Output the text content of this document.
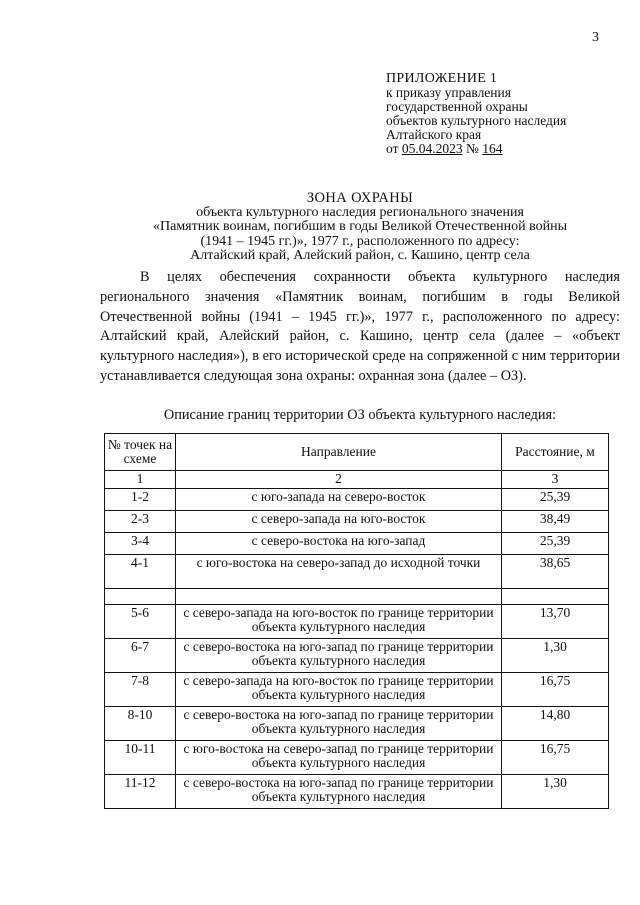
3
ПРИЛОЖЕНИЕ 1
к приказу управления
государственной охраны
объектов культурного наследия
Алтайского края
от 05.04.2023 № 164
ЗОНА ОХРАНЫ
объекта культурного наследия регионального значения
«Памятник воинам, погибшим в годы Великой Отечественной войны
(1941 – 1945 гг.)», 1977 г., расположенного по адресу:
Алтайский край, Алейский район, с. Кашино, центр села

В целях обеспечения сохранности объекта культурного наследия регионального значения «Памятник воинам, погибшим в годы Великой Отечественной войны (1941 – 1945 гг.)», 1977 г., расположенного по адресу: Алтайский край, Алейский район, с. Кашино, центр села (далее – «объект культурного наследия»), в его исторической среде на сопряженной с ним территории устанавливается следующая зона охраны: охранная зона (далее – ОЗ).

Описание границ территории ОЗ объекта культурного наследия:
№ точек на схеме	Направление	Расстояние, м
1	2	3
1-2	с юго-запада на северо-восток	25,39
2-3	с северо-запада на юго-восток	38,49
3-4	с северо-востока на юго-запад	25,39
4-1	с юго-востока на северо-запад до исходной точки	38,65

5-6	с северо-запада на юго-восток по границе территории объекта культурного наследия	13,70
6-7	с северо-востока на юго-запад по границе территории объекта культурного наследия	1,30
7-8	с северо-запада на юго-восток по границе территории объекта культурного наследия	16,75
8-10	с северо-востока на юго-запад по границе территории объекта культурного наследия	14,80
10-11	с юго-востока на северо-запад по границе территории объекта культурного наследия	16,75
11-12	с северо-востока на юго-запад по границе территории объекта культурного наследия	1,30
